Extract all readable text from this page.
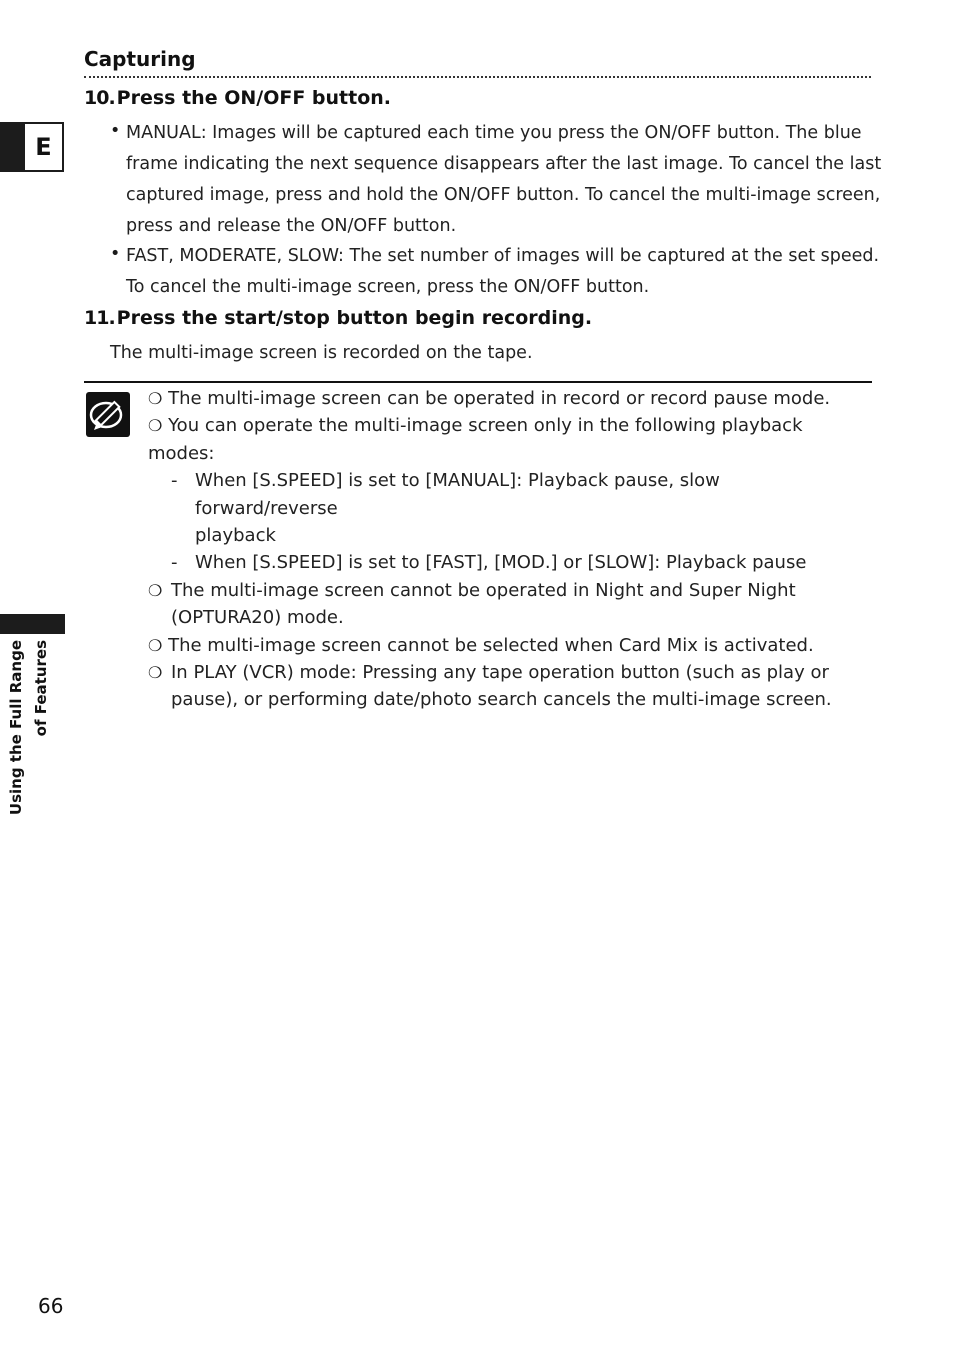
Capturing
E
10. Press the ON/OFF button.
• MANUAL: Images will be captured each time you press the ON/OFF button. The blue
frame indicating the next sequence disappears after the last image. To cancel the last
captured image, press and hold the ON/OFF button. To cancel the multi-image screen,
press and release the ON/OFF button.
• FAST, MODERATE, SLOW: The set number of images will be captured at the set speed.
To cancel the multi-image screen, press the ON/OFF button.
11. Press the start/stop button begin recording.
The multi-image screen is recorded on the tape.
❍ The multi-image screen can be operated in record or record pause mode.
❍ You can operate the multi-image screen only in the following playback modes:
- When [S.SPEED] is set to [MANUAL]: Playback pause, slow forward/reverse
playback
- When [S.SPEED] is set to [FAST], [MOD.] or [SLOW]: Playback pause
❍ The multi-image screen cannot be operated in Night and Super Night
(OPTURA20) mode.
❍ The multi-image screen cannot be selected when Card Mix is activated.
❍ In PLAY (VCR) mode: Pressing any tape operation button (such as play or
pause), or performing date/photo search cancels the multi-image screen.
Using the Full Range of Features
66
